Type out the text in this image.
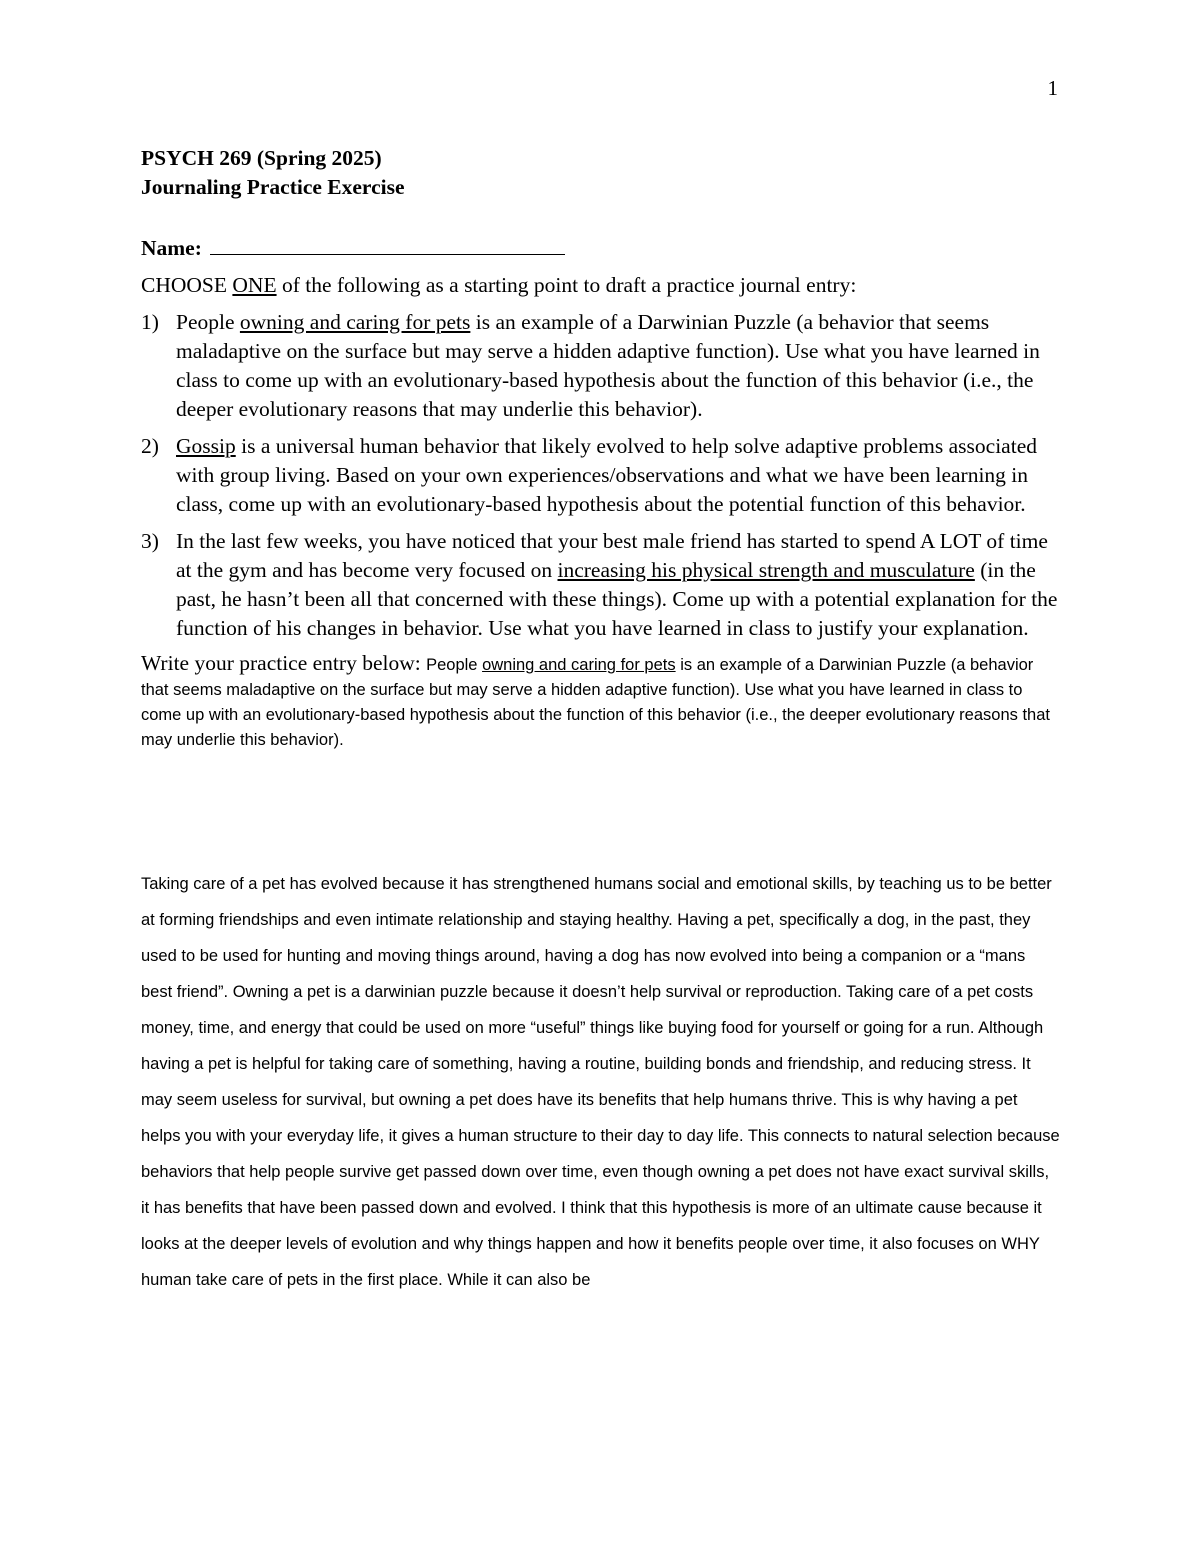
1
PSYCH 269 (Spring 2025)
Journaling Practice Exercise
Name:
CHOOSE ONE of the following as a starting point to draft a practice journal entry:
1) People owning and caring for pets is an example of a Darwinian Puzzle (a behavior that seems maladaptive on the surface but may serve a hidden adaptive function). Use what you have learned in class to come up with an evolutionary-based hypothesis about the function of this behavior (i.e., the deeper evolutionary reasons that may underlie this behavior).
2) Gossip is a universal human behavior that likely evolved to help solve adaptive problems associated with group living. Based on your own experiences/observations and what we have been learning in class, come up with an evolutionary-based hypothesis about the potential function of this behavior.
3) In the last few weeks, you have noticed that your best male friend has started to spend A LOT of time at the gym and has become very focused on increasing his physical strength and musculature (in the past, he hasn’t been all that concerned with these things). Come up with a potential explanation for the function of his changes in behavior. Use what you have learned in class to justify your explanation.
Write your practice entry below: People owning and caring for pets is an example of a Darwinian Puzzle (a behavior that seems maladaptive on the surface but may serve a hidden adaptive function). Use what you have learned in class to come up with an evolutionary-based hypothesis about the function of this behavior (i.e., the deeper evolutionary reasons that may underlie this behavior).
Taking care of a pet has evolved because it has strengthened humans social and emotional skills, by teaching us to be better at forming friendships and even intimate relationship and staying healthy. Having a pet, specifically a dog, in the past, they used to be used for hunting and moving things around, having a dog has now evolved into being a companion or a “mans best friend”. Owning a pet is a darwinian puzzle because it doesn’t help survival or reproduction. Taking care of a pet costs money, time, and energy that could be used on more “useful” things like buying food for yourself or going for a run. Although having a pet is helpful for taking care of something, having a routine, building bonds and friendship, and reducing stress. It may seem useless for survival, but owning a pet does have its benefits that help humans thrive. This is why having a pet helps you with your everyday life, it gives a human structure to their day to day life. This connects to natural selection because behaviors that help people survive get passed down over time, even though owning a pet does not have exact survival skills, it has benefits that have been passed down and evolved. I think that this hypothesis is more of an ultimate cause because it looks at the deeper levels of evolution and why things happen and how it benefits people over time, it also focuses on WHY human take care of pets in the first place. While it can also be
